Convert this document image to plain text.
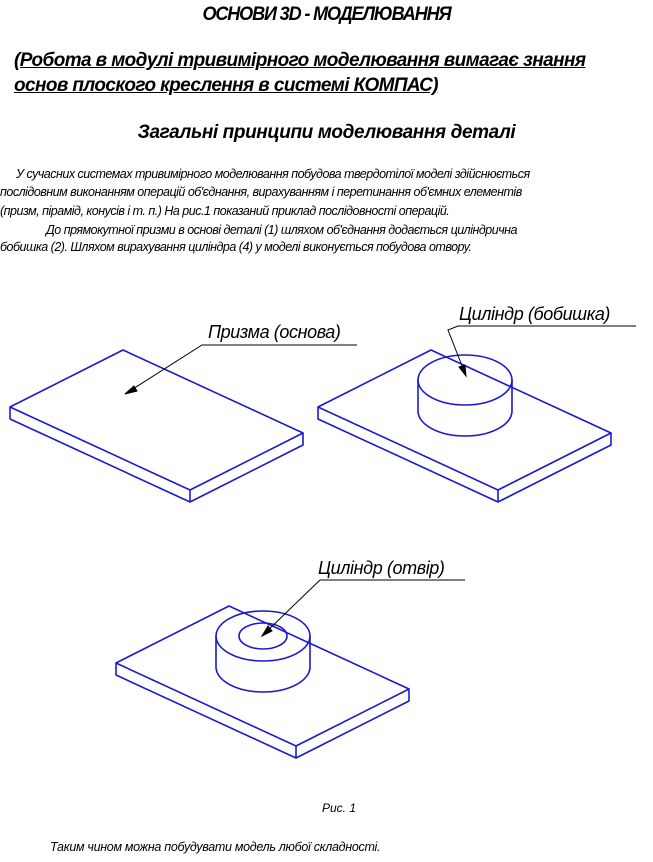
ОСНОВИ 3D - МОДЕЛЮВАННЯ
(Робота в модулі тривимірного моделювання вимагає знання
основ плоского креслення в системі КОМПАС)
Загальні принципи моделювання деталі
У сучасних системах тривимірного моделювання побудова твердотілої моделі здійснюється
послідовним виконанням операцій об'єднання, вирахуванням і перетинання об'ємних елементів
(призм, пірамід, конусів і т. п.) На рис.1 показаний приклад послідовності операцій.
До прямокутної призми в основі деталі (1) шляхом об'єднання додається циліндрична
бобишка (2). Шляхом вирахування циліндра (4) у моделі виконується побудова отвору.
Призма (основа)
Циліндр (бобишка)
Циліндр (отвір)
Рис. 1
Таким чином можна побудувати модель любої складності.
